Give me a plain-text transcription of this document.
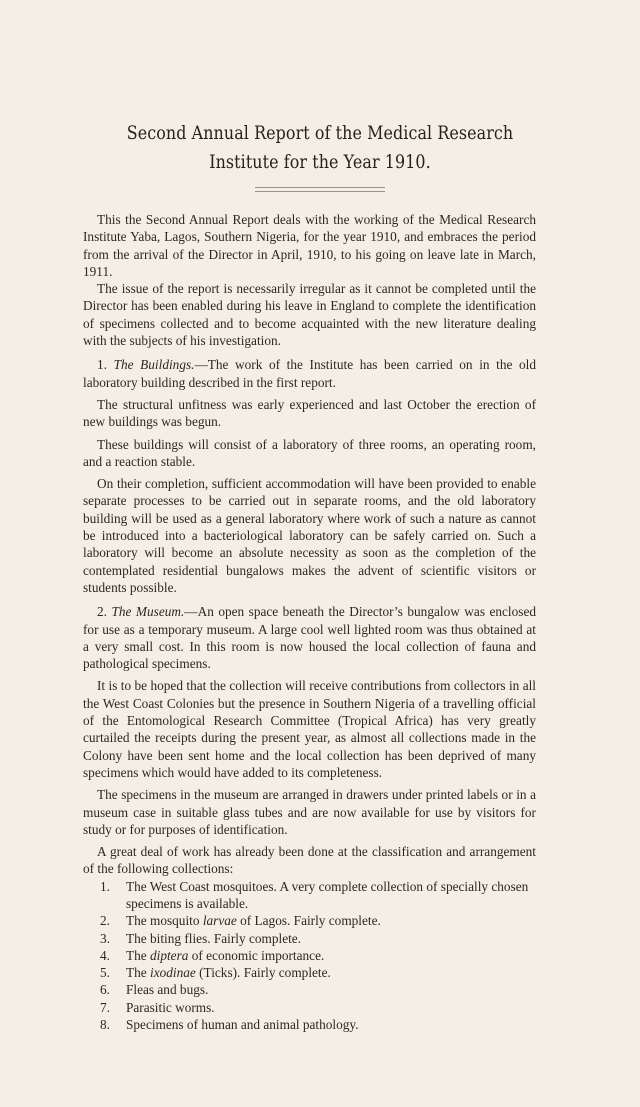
Second Annual Report of the Medical Research
Institute for the Year 1910.

This the Second Annual Report deals with the working of the Medical Research Institute Yaba, Lagos, Southern Nigeria, for the year 1910, and embraces the period from the arrival of the Director in April, 1910, to his going on leave late in March, 1911.

The issue of the report is necessarily irregular as it cannot be completed until the Director has been enabled during his leave in England to complete the identification of specimens collected and to become acquainted with the new literature dealing with the subjects of his investigation.

1. The Buildings.—The work of the Institute has been carried on in the old laboratory building described in the first report.

The structural unfitness was early experienced and last October the erection of new buildings was begun.

These buildings will consist of a laboratory of three rooms, an operating room, and a reaction stable.

On their completion, sufficient accommodation will have been provided to enable separate processes to be carried out in separate rooms, and the old laboratory building will be used as a general laboratory where work of such a nature as cannot be introduced into a bacteriological laboratory can be safely carried on. Such a laboratory will become an absolute necessity as soon as the completion of the contemplated residential bungalows makes the advent of scientific visitors or students possible.

2. The Museum.—An open space beneath the Director’s bungalow was enclosed for use as a temporary museum. A large cool well lighted room was thus obtained at a very small cost. In this room is now housed the local collection of fauna and pathological specimens.

It is to be hoped that the collection will receive contributions from collectors in all the West Coast Colonies but the presence in Southern Nigeria of a travelling official of the Entomological Research Committee (Tropical Africa) has very greatly curtailed the receipts during the present year, as almost all collections made in the Colony have been sent home and the local collection has been deprived of many specimens which would have added to its completeness.

The specimens in the museum are arranged in drawers under printed labels or in a museum case in suitable glass tubes and are now available for use by visitors for study or for purposes of identification.

A great deal of work has already been done at the classification and arrangement of the following collections:

1. The West Coast mosquitoes. A very complete collection of specially chosen specimens is available.
2. The mosquito larvae of Lagos. Fairly complete.
3. The biting flies. Fairly complete.
4. The diptera of economic importance.
5. The ixodinae (Ticks). Fairly complete.
6. Fleas and bugs.
7. Parasitic worms.
8. Specimens of human and animal pathology.
